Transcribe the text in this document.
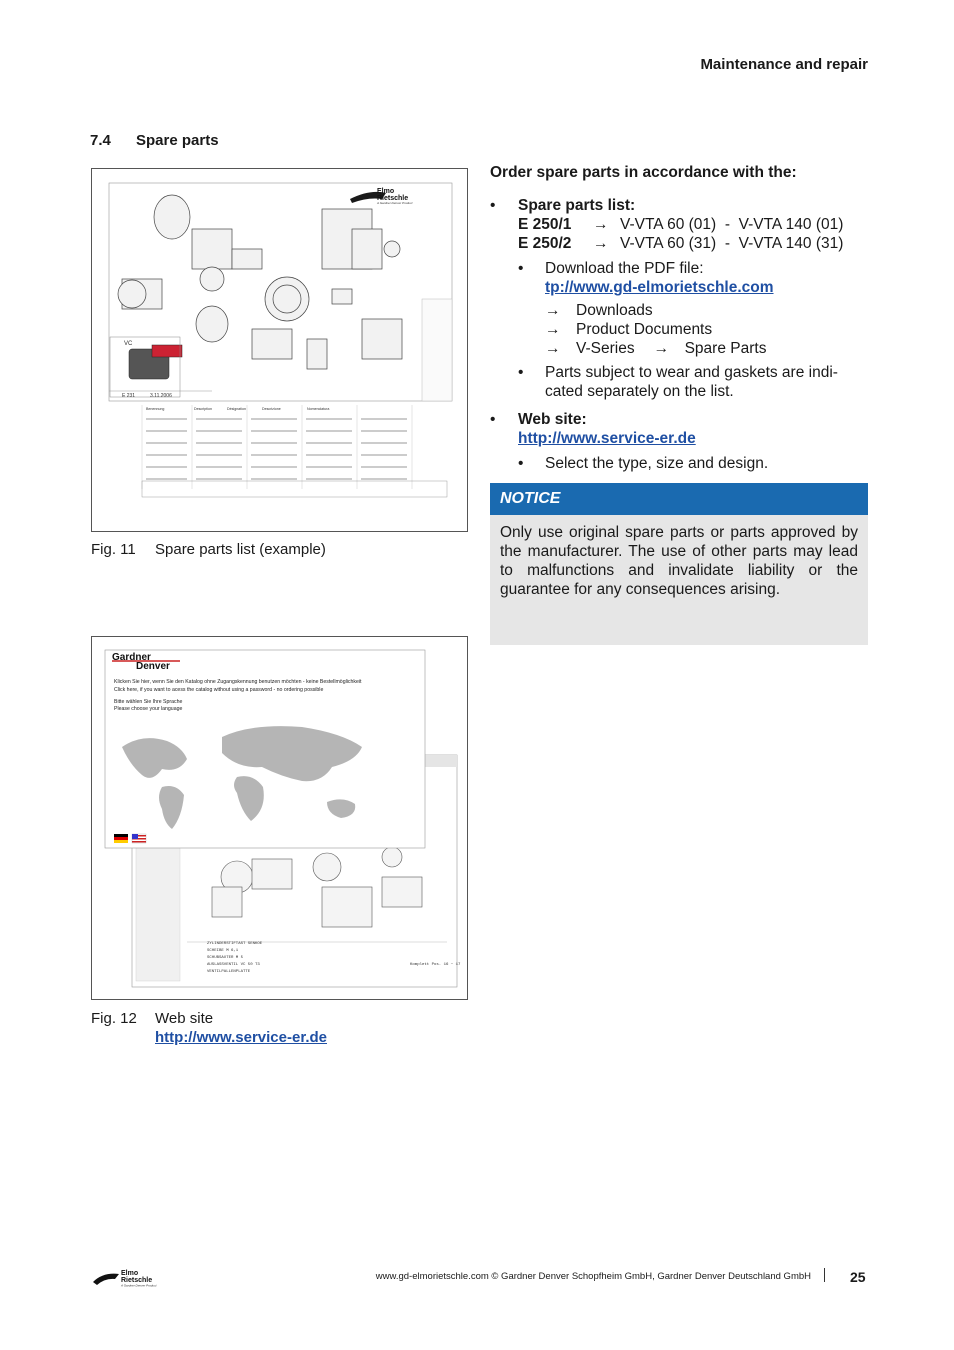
Maintenance and repair
7.4 Spare parts
VC
E 231	3.11.2006
Elmo
Rietschle
A Gardner Denver Product
Benennung	Description	Désignation	Descrizione	Nomenclatura
Fig. 11 Spare parts list (example)
ZYLINDERSTIFTAST SENKOE
SCHEIBE M 6,1
SCHUBSAUTER M 5
AUSLASSVENTIL VC 50 T3
VENTILPALLENPLATTE
Komplett Pos. 16 ~ 17
Gardner
Denver
Klicken Sie hier, wenn Sie den Katalog ohne Zugangskennung benutzen möchten - keine Bestellmöglichkeit
Click here, if you want to acess the catalog without using a password - no ordering possible
Bitte wählen Sie Ihre Sprache
Please choose your language
Fig. 12 Web site
http://www.service-er.de
Order spare parts in accordance with the:
• Spare parts list:
E 250/1	→ V-VTA 60 (01)  -  V-VTA 140 (01)
E 250/2	→ V-VTA 60 (31)  -  V-VTA 140 (31)
• Download the PDF file:
tp://www.gd-elmorietschle.com
→ Downloads
→ Product Documents
→ V-Series → Spare Parts
• Parts subject to wear and gaskets are indi-cated separately on the list.
• Web site:
http://www.service-er.de
• Select the type, size and design.
NOTICE
Only use original spare parts or parts approved by the manufacturer. The use of other parts may lead to malfunctions and invalidate liability or the guarantee for any consequences arising.
Elmo
Rietschle
A Gardner Denver Product
www.gd-elmorietschle.com © Gardner Denver Schopfheim GmbH, Gardner Denver Deutschland GmbH	25
